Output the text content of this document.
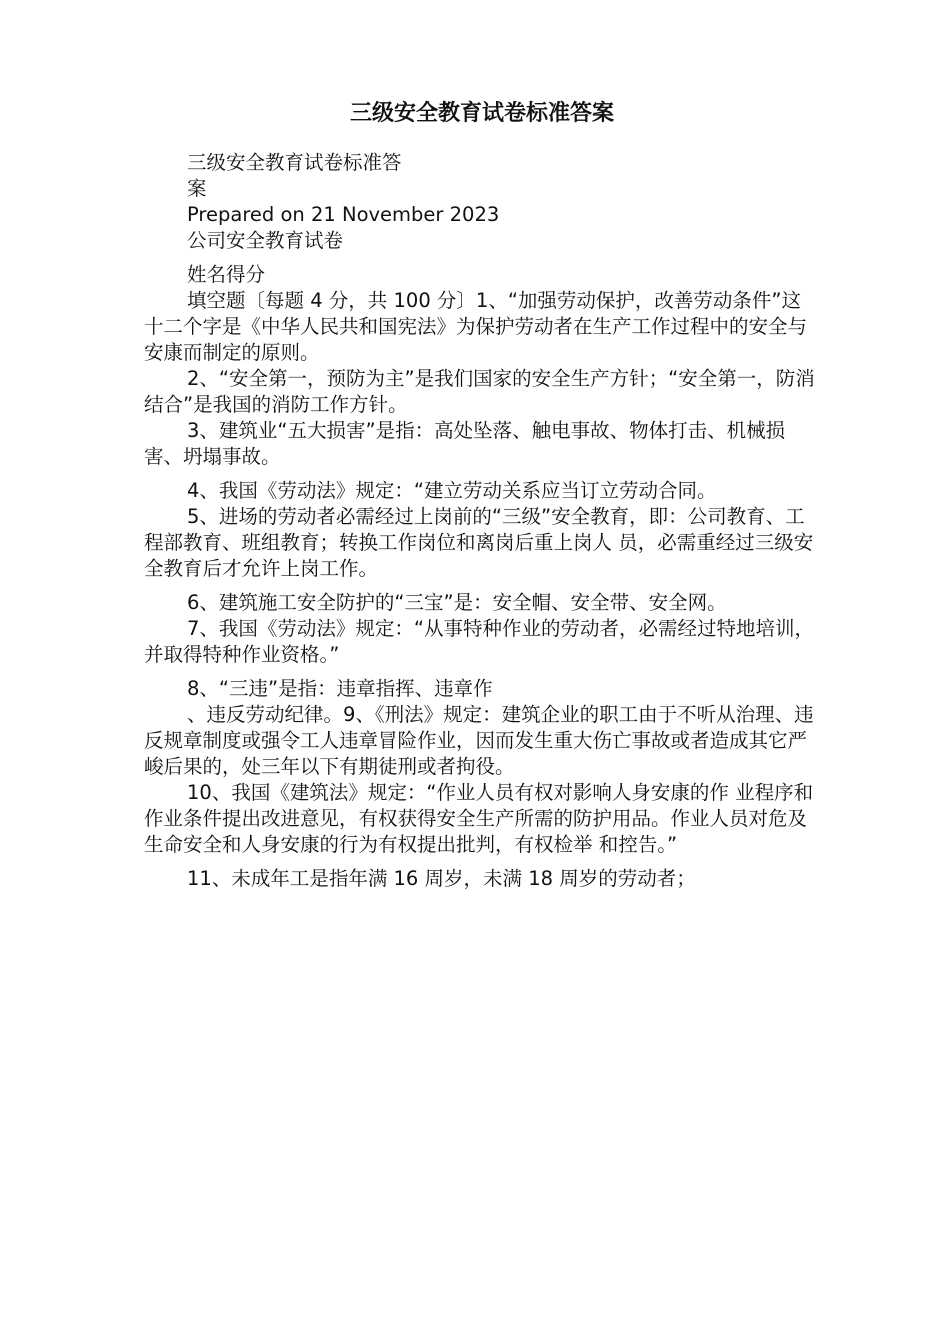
三级安全教育试卷标准答案
三级安全教育试卷标准答
案
Prepared on 21 November 2023
公司安全教育试卷
姓名得分

填空题〔每题 4 分，共 100 分〕1、“加强劳动保护，改善劳动条件”这十二个字是《中华人民共和国宪法》为保护劳动者在生产工作过程中的安全与安康而制定的原则。

2、“安全第一，预防为主”是我们国家的安全生产方针；“安全第一，防消结合”是我国的消防工作方针。

3、建筑业“五大损害”是指：高处坠落、触电事故、物体打击、机械损害、坍塌事故。

4、我国《劳动法》规定：“建立劳动关系应当订立劳动合同。

5、进场的劳动者必需经过上岗前的“三级”安全教育，即：公司教育、工程部教育、班组教育；转换工作岗位和离岗后重上岗人 员，必需重经过三级安全教育后才允许上岗工作。

6、建筑施工安全防护的“三宝”是：安全帽、安全带、安全网。

7、我国《劳动法》规定：“从事特种作业的劳动者，必需经过特地培训，并取得特种作业资格。”

8、“三违”是指：违章指挥、违章作

、违反劳动纪律。9、《刑法》规定：建筑企业的职工由于不听从治理、违反规章制度或强令工人违章冒险作业，因而发生重大伤亡事故或者造成其它严峻后果的，处三年以下有期徒刑或者拘役。

10、我国《建筑法》规定：“作业人员有权对影响人身安康的作 业程序和作业条件提出改进意见，有权获得安全生产所需的防护用品。作业人员对危及生命安全和人身安康的行为有权提出批判，有权检举 和控告。”

11、未成年工是指年满 16 周岁，未满 18 周岁的劳动者；
